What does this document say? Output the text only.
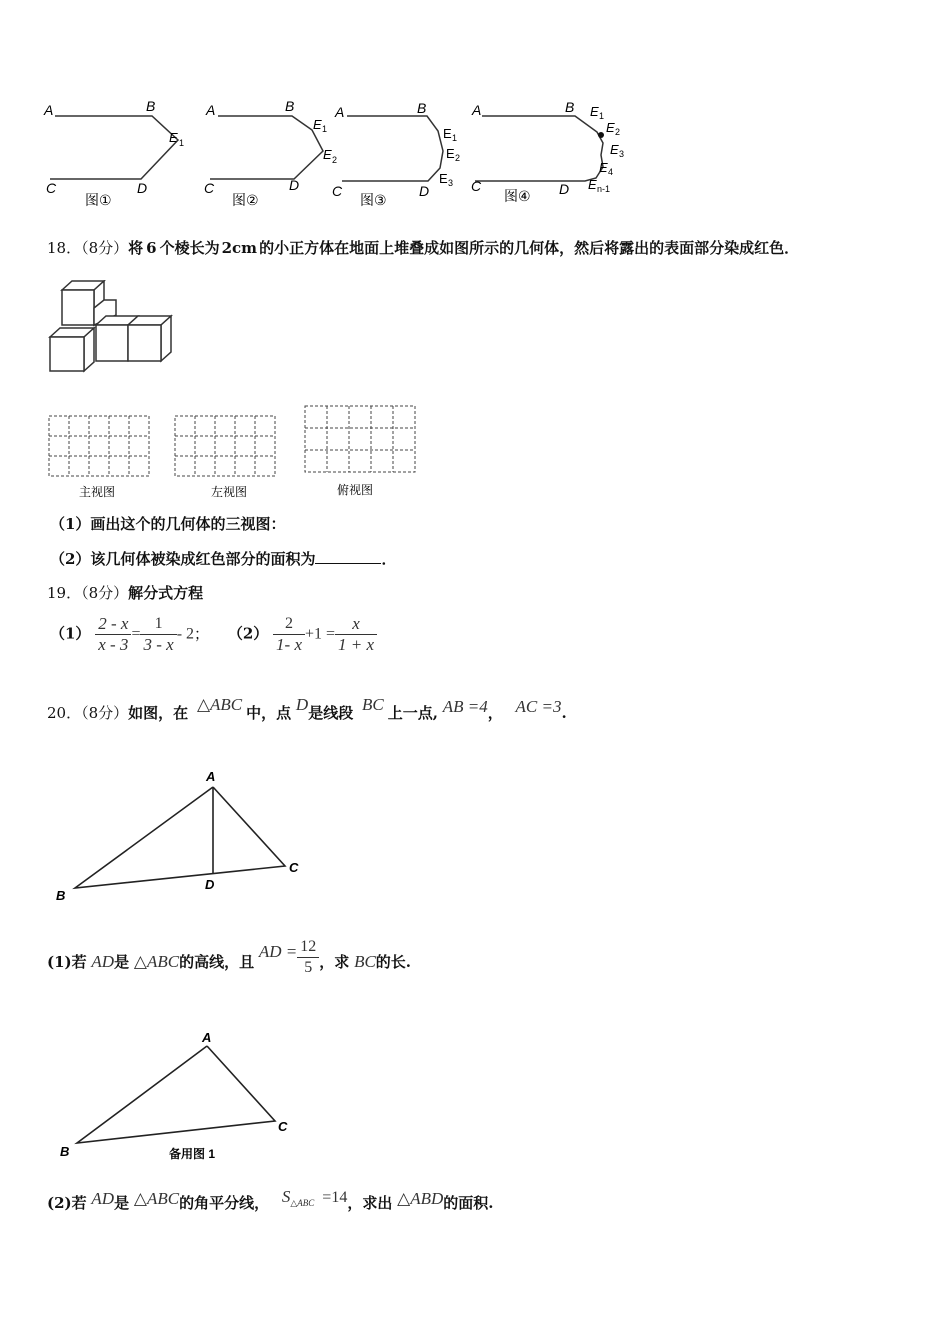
A	B
E 1
C	D
图①
A	B
E 1
E 2
C	D
图②
A	B
E 1
E 2
E 3
C	D
图③
A	B E 1
E 2
E 3
E 4
E n-1
C	D
图④
18．（8分）将 6 个棱长为 2cm 的小正方体在地面上堆叠成如图所示的几何体，然后将露出的表面部分染成红色．
主视图	左视图	俯视图
（1）画出这个的几何体的三视图：
（2）该几何体被染成红色部分的面积为	．
19．（8分）解分式方程
$(1) \frac{2 - x}{x - 3} = \frac{1}{3 - x} - 2$； $(2) \frac{2}{1- x} +1 = \frac{x}{1 + x}$
20．（8分）如图，在 △ABC 中，点 D是线段 BC 上一点, AB =4， AC =3.
A
B
C
D
(1)若 AD是 △ABC的高线，且 AD = $\frac{12}{5}$ ，求 BC的长.
A
B
C
备用图 1
(2)若 AD是 △ABC的角平分线， S△ABC =14，求出 △ABD的面积.
